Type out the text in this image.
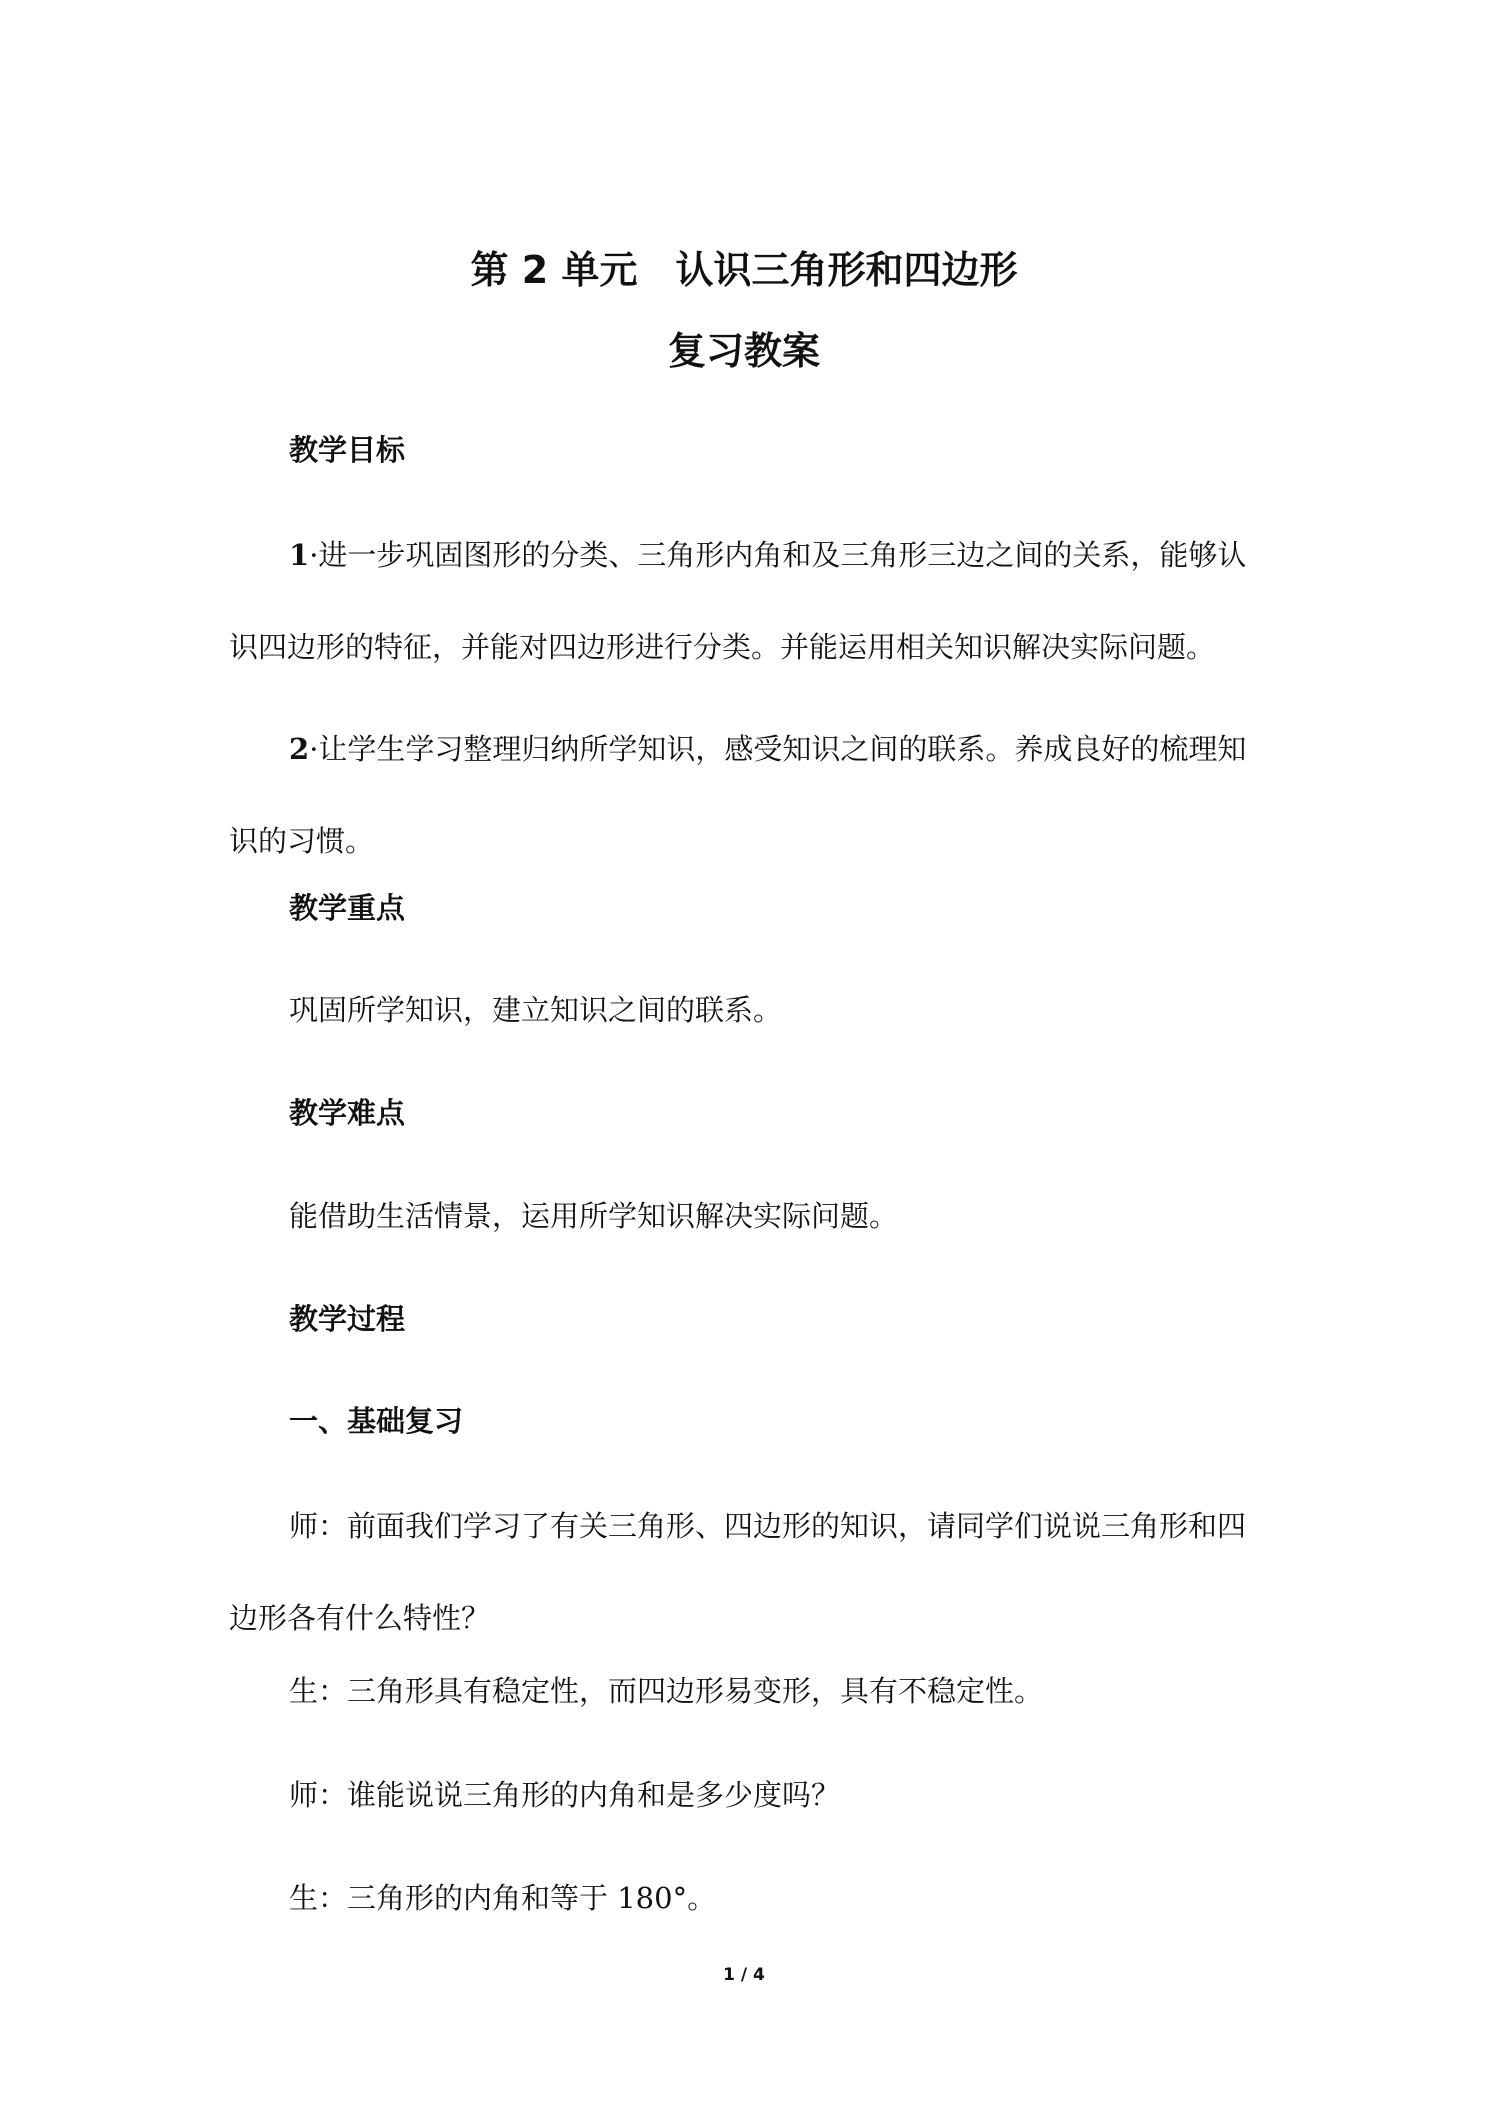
第 2 单元　认识三角形和四边形
复习教案
教学目标

1·进一步巩固图形的分类、三角形内角和及三角形三边之间的关系，能够认识四边形的特征，并能对四边形进行分类。并能运用相关知识解决实际问题。

2·让学生学习整理归纳所学知识，感受知识之间的联系。养成良好的梳理知识的习惯。

教学重点
巩固所学知识，建立知识之间的联系。
教学难点
能借助生活情景，运用所学知识解决实际问题。
教学过程
一、基础复习

师：前面我们学习了有关三角形、四边形的知识，请同学们说说三角形和四边形各有什么特性？

生：三角形具有稳定性，而四边形易变形，具有不稳定性。
师：谁能说说三角形的内角和是多少度吗？
生：三角形的内角和等于 180°。
1 / 4
